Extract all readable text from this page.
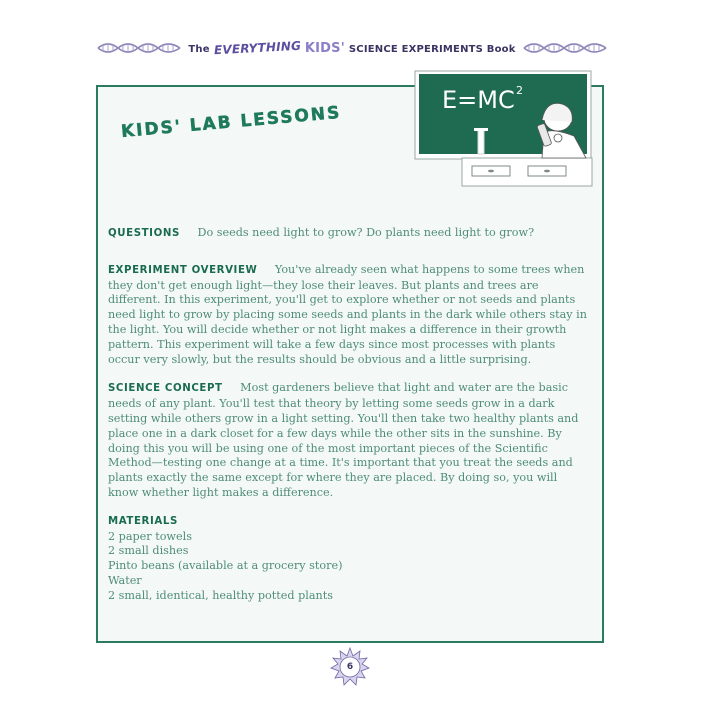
The EVERYTHING KIDS' SCIENCE EXPERIMENTS Book
KIDS' LAB LESSONS
E=MC 2
QUESTIONS Do seeds need light to grow? Do plants need light to grow?
EXPERIMENT OVERVIEW You've already seen what happens to some trees when they don't get enough light—they lose their leaves. But plants and trees are different. In this experiment, you'll get to explore whether or not seeds and plants need light to grow by placing some seeds and plants in the dark while others stay in the light. You will decide whether or not light makes a difference in their growth pattern. This experiment will take a few days since most processes with plants occur very slowly, but the results should be obvious and a little surprising.
SCIENCE CONCEPT Most gardeners believe that light and water are the basic needs of any plant. You'll test that theory by letting some seeds grow in a dark setting while others grow in a light setting. You'll then take two healthy plants and place one in a dark closet for a few days while the other sits in the sunshine. By doing this you will be using one of the most important pieces of the Scientific Method—testing one change at a time. It's important that you treat the seeds and plants exactly the same except for where they are placed. By doing so, you will know whether light makes a difference.
MATERIALS
2 paper towels
2 small dishes
Pinto beans (available at a grocery store)
Water
2 small, identical, healthy potted plants
6
